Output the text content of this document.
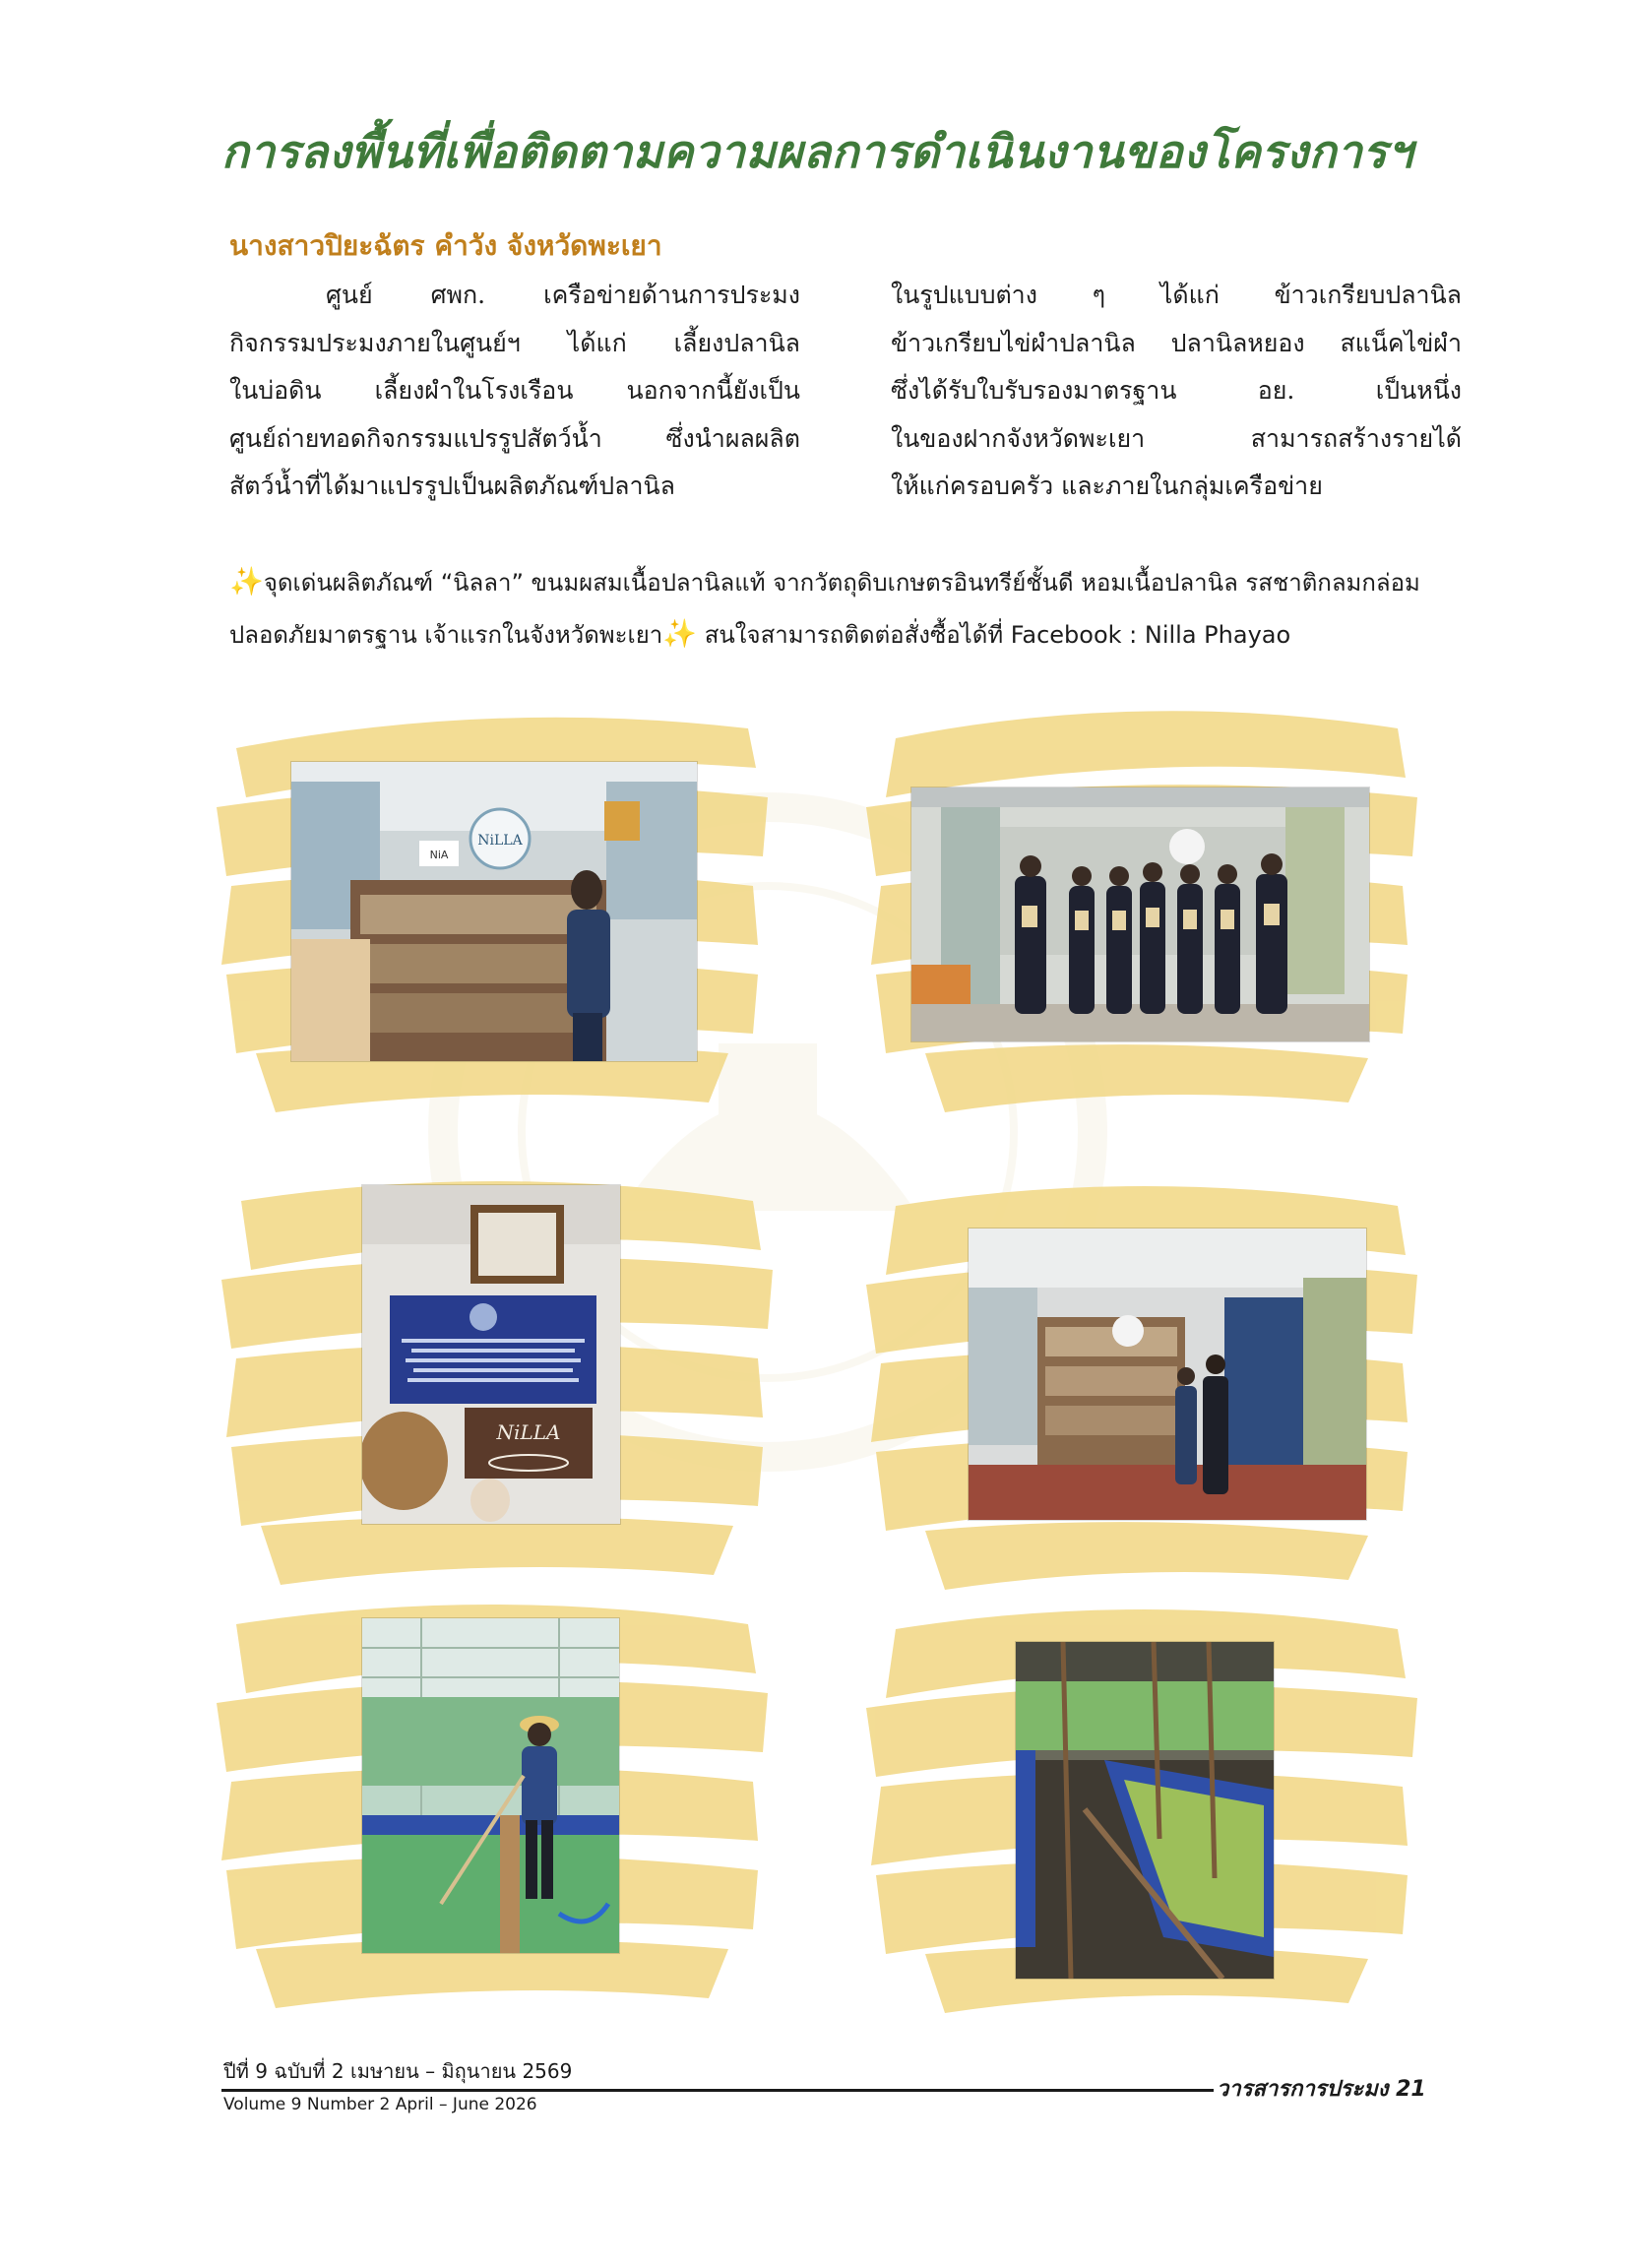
การลงพื้นที่เพื่อติดตามความผลการดำเนินงานของโครงการฯ
นางสาวปิยะฉัตร คำวัง จังหวัดพะเยา
ศูนย์ ศพก. เครือข่ายด้านการประมง
กิจกรรมประมงภายในศูนย์ฯ ได้แก่ เลี้ยงปลานิล
ในบ่อดิน เลี้ยงผำในโรงเรือน นอกจากนี้ยังเป็น
ศูนย์ถ่ายทอดกิจกรรมแปรรูปสัตว์น้ำ ซึ่งนำผลผลิต
สัตว์น้ำที่ได้มาแปรรูปเป็นผลิตภัณฑ์ปลานิล
ในรูปแบบต่าง ๆ ได้แก่ ข้าวเกรียบปลานิล
ข้าวเกรียบไข่ผำปลานิล ปลานิลหยอง สแน็คไข่ผำ
ซึ่งได้รับใบรับรองมาตรฐาน อย. เป็นหนึ่ง
ในของฝากจังหวัดพะเยา สามารถสร้างรายได้
ให้แก่ครอบครัว และภายในกลุ่มเครือข่าย
✨จุดเด่นผลิตภัณฑ์ “นิลลา” ขนมผสมเนื้อปลานิลแท้ จากวัตถุดิบเกษตรอินทรีย์ชั้นดี หอมเนื้อปลานิล รสชาติกลมกล่อม
ปลอดภัยมาตรฐาน เจ้าแรกในจังหวัดพะเยา✨ สนใจสามารถติดต่อสั่งซื้อได้ที่ Facebook : Nilla Phayao
NiLLA
NiA
NiLLA
ปีที่ 9 ฉบับที่ 2 เมษายน – มิถุนายน 2569
Volume 9 Number 2 April – June 2026
วารสารการประมง 21
